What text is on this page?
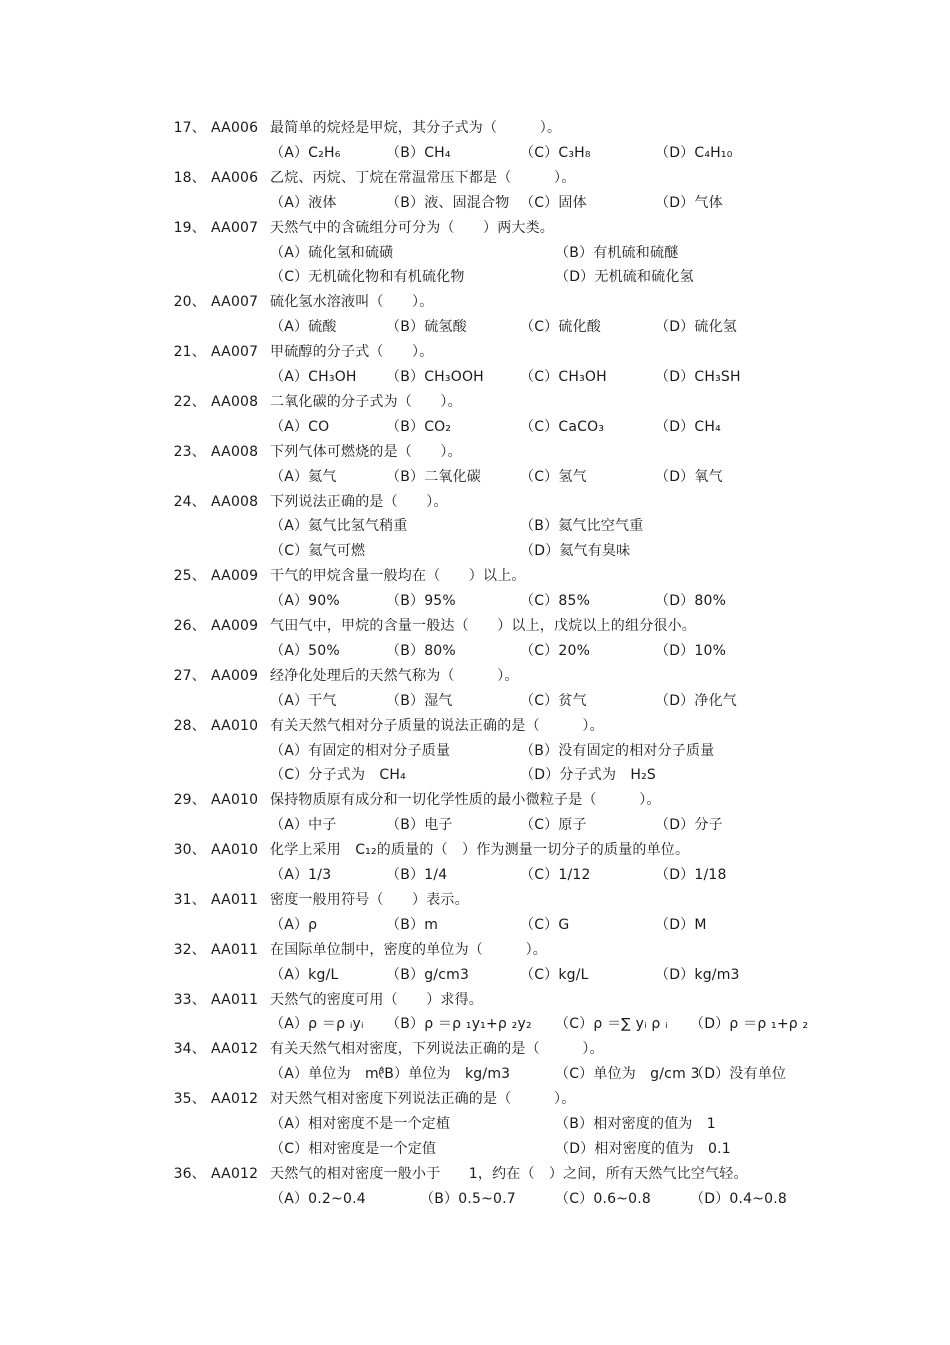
17、 AA006 最简单的烷烃是甲烷，其分子式为（　　　）。
（A）C₂H₆	（B）CH₄	（C）C₃H₈	（D）C₄H₁₀
18、 AA006 乙烷、丙烷、丁烷在常温常压下都是（　　　）。
（A）液体	（B）液、固混合物 （C）固体	（D）气体
19、 AA007 天然气中的含硫组分可分为（　　）两大类。
（A）硫化氢和硫磺	（B）有机硫和硫醚
（C）无机硫化物和有机硫化物	（D）无机硫和硫化氢
20、 AA007 硫化氢水溶液叫（　　）。
（A）硫酸	（B）硫氢酸	（C）硫化酸	（D）硫化氢
21、 AA007 甲硫醇的分子式（　　）。
（A）CH₃OH （B）CH₃OOH	（C）CH₃OH	（D）CH₃SH
22、 AA008 二氧化碳的分子式为（　　）。
（A）CO	（B）CO₂	（C）CaCO₃	（D）CH₄
23、 AA008 下列气体可燃烧的是（　　）。
（A）氦气	（B）二氧化碳	（C）氢气	（D）氧气
24、 AA008 下列说法正确的是（　　）。
（A）氦气比氢气稍重	（B）氦气比空气重
（C）氦气可燃	（D）氦气有臭味
25、 AA009 干气的甲烷含量一般均在（　　）以上。
（A）90%	（B）95%	（C）85%	（D）80%
26、 AA009 气田气中，甲烷的含量一般达（　　）以上，戊烷以上的组分很小。
（A）50%	（B）80%	（C）20%	（D）10%
27、 AA009 经净化处理后的天然气称为（　　　）。
（A）干气	（B）湿气	（C）贫气	（D）净化气
28、 AA010 有关天然气相对分子质量的说法正确的是（　　　）。
（A）有固定的相对分子质量	（B）没有固定的相对分子质量
（C）分子式为　CH₄	（D）分子式为　H₂S
29、 AA010 保持物质原有成分和一切化学性质的最小微粒子是（　　　）。
（A）中子	（B）电子	（C）原子	（D）分子
30、 AA010 化学上采用　C₁₂的质量的（　）作为测量一切分子的质量的单位。
（A）1/3	（B）1/4	（C）1/12	（D）1/18
31、 AA011 密度一般用符号（　　）表示。
（A）ρ	（B）m	（C）G	（D）M
32、 AA011 在国际单位制中，密度的单位为（　　　）。
（A）kg/L	（B）g/cm3	（C）kg/L	（D）kg/m3
33、 AA011 天然气的密度可用（　　）求得。
（A）ρ ＝ρ ᵢyᵢ （B）ρ ＝ρ ₁y₁+ρ ₂y₂ （C）ρ ＝∑ yᵢ ρ ᵢ （D）ρ ＝ρ ₁+ρ ₂
34、 AA012 有关天然气相对密度，下列说法正确的是（　　　）。
（A）单位为　m³
（B）单位为　kg/m3	（C）单位为　g/cm 3
（D）没有单位
35、 AA012 对天然气相对密度下列说法正确的是（　　　）。
（A）相对密度不是一个定植	（B）相对密度的值为　1
（C）相对密度是一个定值	（D）相对密度的值为　0.1
36、 AA012 天然气的相对密度一般小于　　1，约在（　）之间，所有天然气比空气轻。
（A）0.2~0.4	（B）0.5~0.7	（C）0.6~0.8	（D）0.4~0.8
